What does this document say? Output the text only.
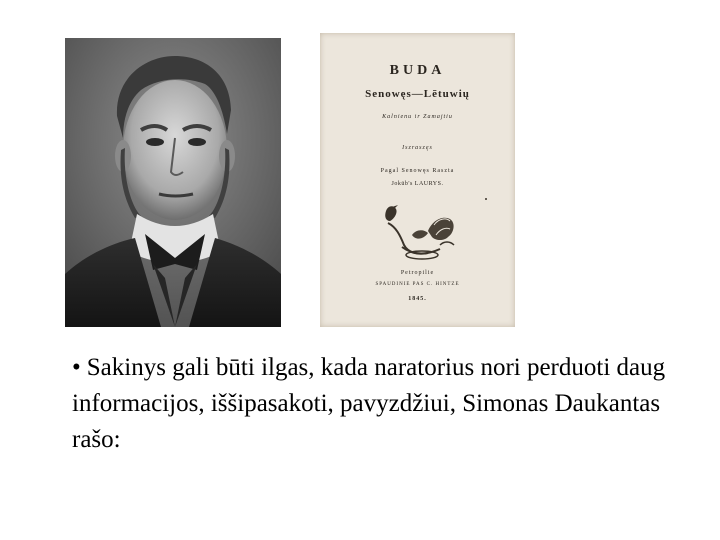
BUDA
Senowęs—Lētuwių
Kalnienu ir Zamajtiu
Iszraszęs
Pagal Senowęs Raszta
Jokūb's LAURYS.
Petropilie
SPAUDINIE PAS C. HINTZE
1845.
• Sakinys gali būti ilgas, kada naratorius nori perduoti daug informacijos, iššipasakoti, pavyzdžiui, Simonas Daukantas rašo:
